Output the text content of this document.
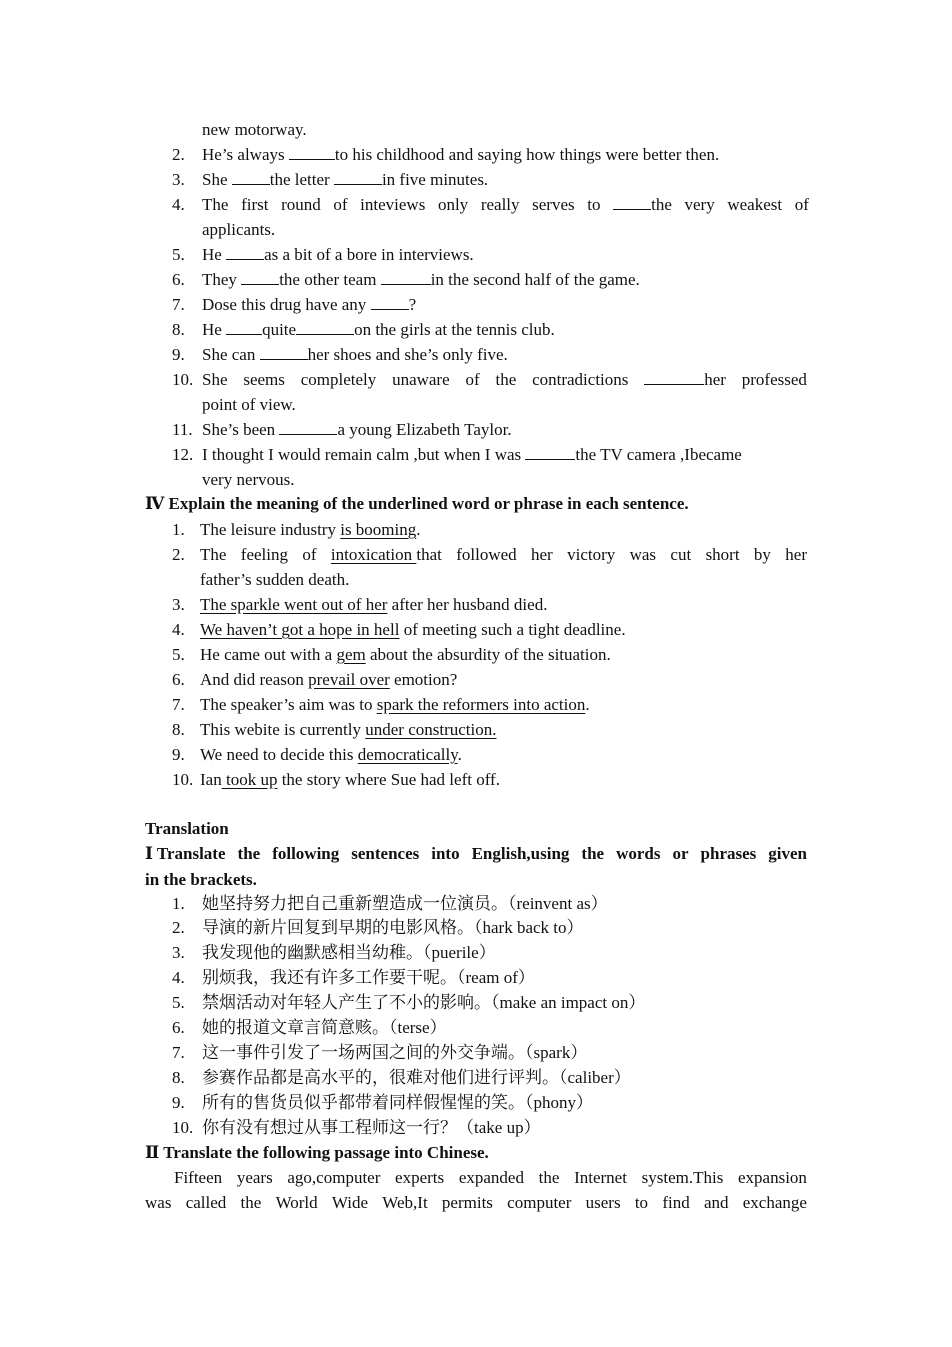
new motorway.
2. He’s always	to his childhood and saying how things were better then.
3. She the letter	in five minutes.
4. The first round of inteviews only really serves to	the very weakest of
applicants.
5. He as a bit of a bore in interviews.
6. They the other team	in the second half of the game.
7. Dose this drug have any ?
8. He quite	on the girls at the tennis club.
9. She can	her shoes and she’s only five.
10. She seems completely unaware of the contradictions	her professed
point of view.
11. She’s been	a young Elizabeth Taylor.
12. I thought I would remain calm ,but when I was	the TV camera ,Ibecame
very nervous.
Ⅳ Explain the meaning of the underlined word or phrase in each sentence.
1. The leisure industry is booming.
2. The feeling of intoxication that followed her victory was cut short by her
father’s sudden death.
3. The sparkle went out of her after her husband died.
4. We haven’t got a hope in hell of meeting such a tight deadline.
5. He came out with a gem about the absurdity of the situation.
6. And did reason prevail over emotion?
7. The speaker’s aim was to spark the reformers into action.
8. This webite is currently under construction.
9. We need to decide this democratically.
10. Ian took up the story where Sue had left off.
Translation
Ⅰ Translate the following sentences into English,using the words or phrases given
in the brackets.
1. 她坚持努力把自己重新塑造成一位演员。（reinvent as）
2. 导演的新片回复到早期的电影风格。（hark back to）
3. 我发现他的幽默感相当幼稚。（puerile）
4. 别烦我，我还有许多工作要干呢。（ream of）
5. 禁烟活动对年轻人产生了不小的影响。（make an impact on）
6. 她的报道文章言简意赅。（terse）
7. 这一事件引发了一场两国之间的外交争端。（spark）
8. 参赛作品都是高水平的，很难对他们进行评判。（caliber）
9. 所有的售货员似乎都带着同样假惺惺的笑。（phony）
10. 你有没有想过从事工程师这一行？（take up）
Ⅱ Translate the following passage into Chinese.
Fifteen years ago,computer experts expanded the Internet system.This expansion
was called the World Wide Web,It permits computer users to find and exchange
